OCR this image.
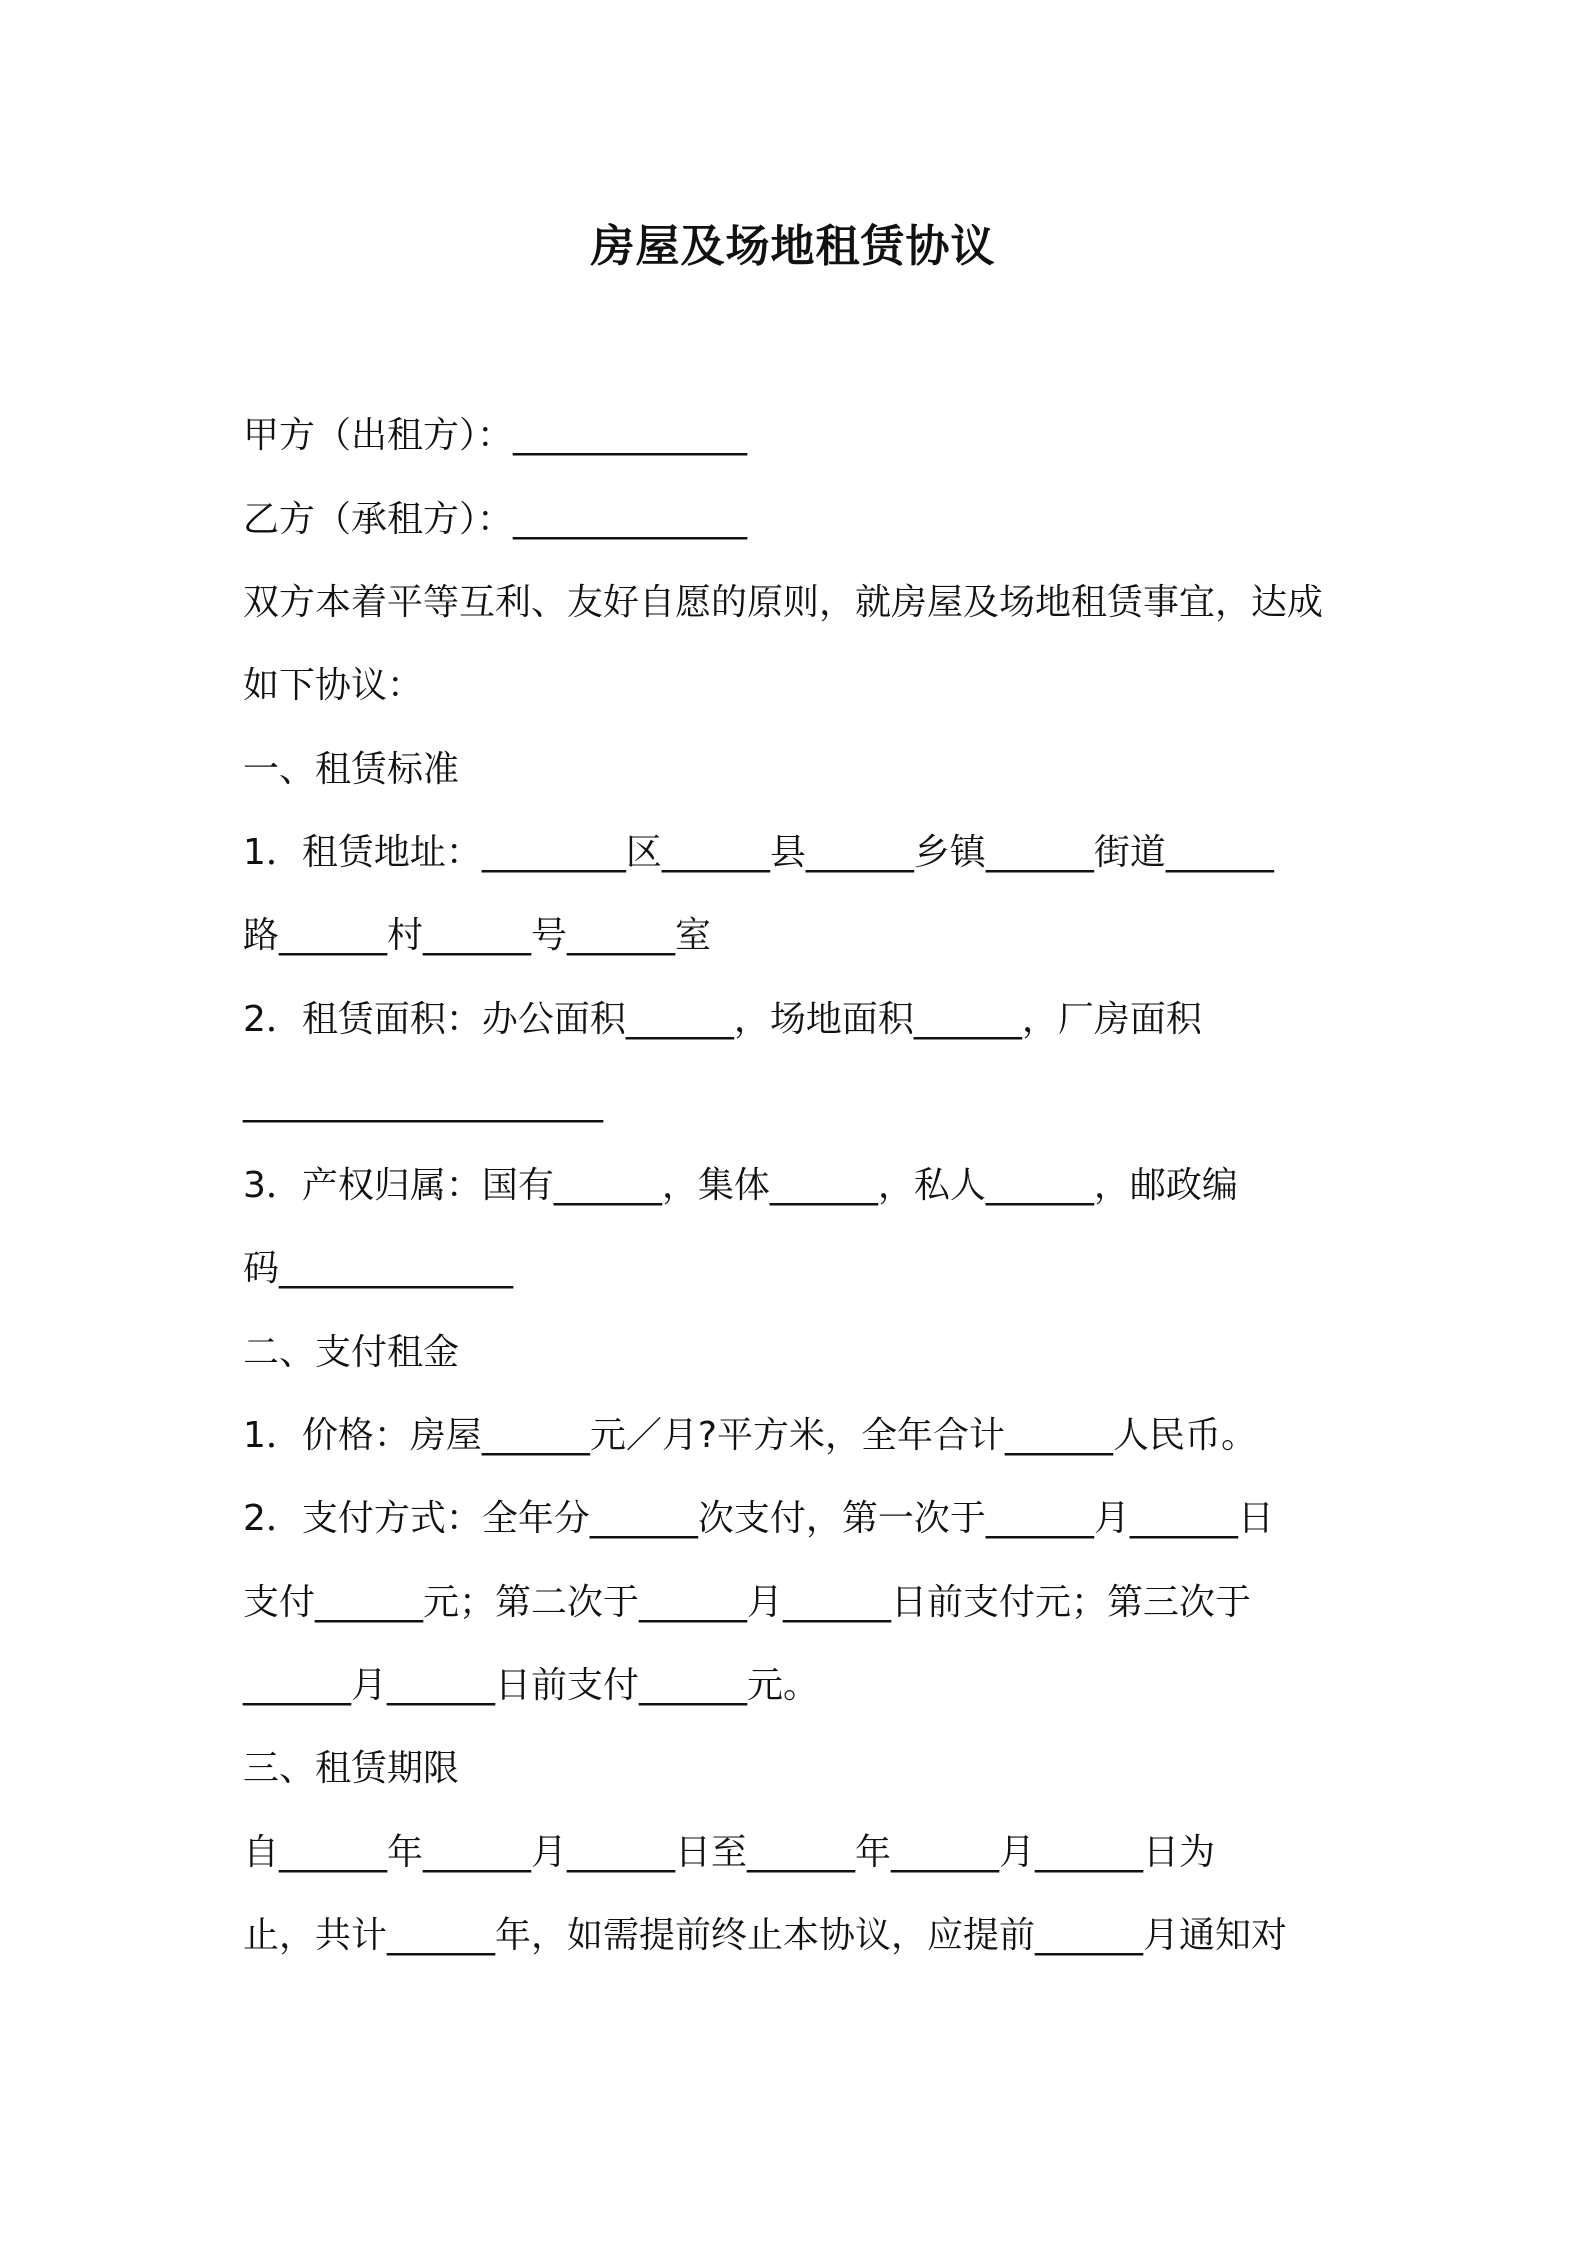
房屋及场地租赁协议
甲方（出租方）：_____________
乙方（承租方）：_____________
双方本着平等互利、友好自愿的原则，就房屋及场地租赁事宜，达成
如下协议：
一、租赁标准
1．租赁地址：________区______县______乡镇______街道______
路______村______号______室
2．租赁面积：办公面积______，场地面积______，厂房面积
____________________
3．产权归属：国有______，集体______，私人______，邮政编
码_____________
二、支付租金
1．价格：房屋______元／月?平方米，全年合计______人民币。
2．支付方式：全年分______次支付，第一次于______月______日
支付______元；第二次于______月______日前支付元；第三次于
______月______日前支付______元。
三、租赁期限
自______年______月______日至______年______月______日为
止，共计______年，如需提前终止本协议，应提前______月通知对
